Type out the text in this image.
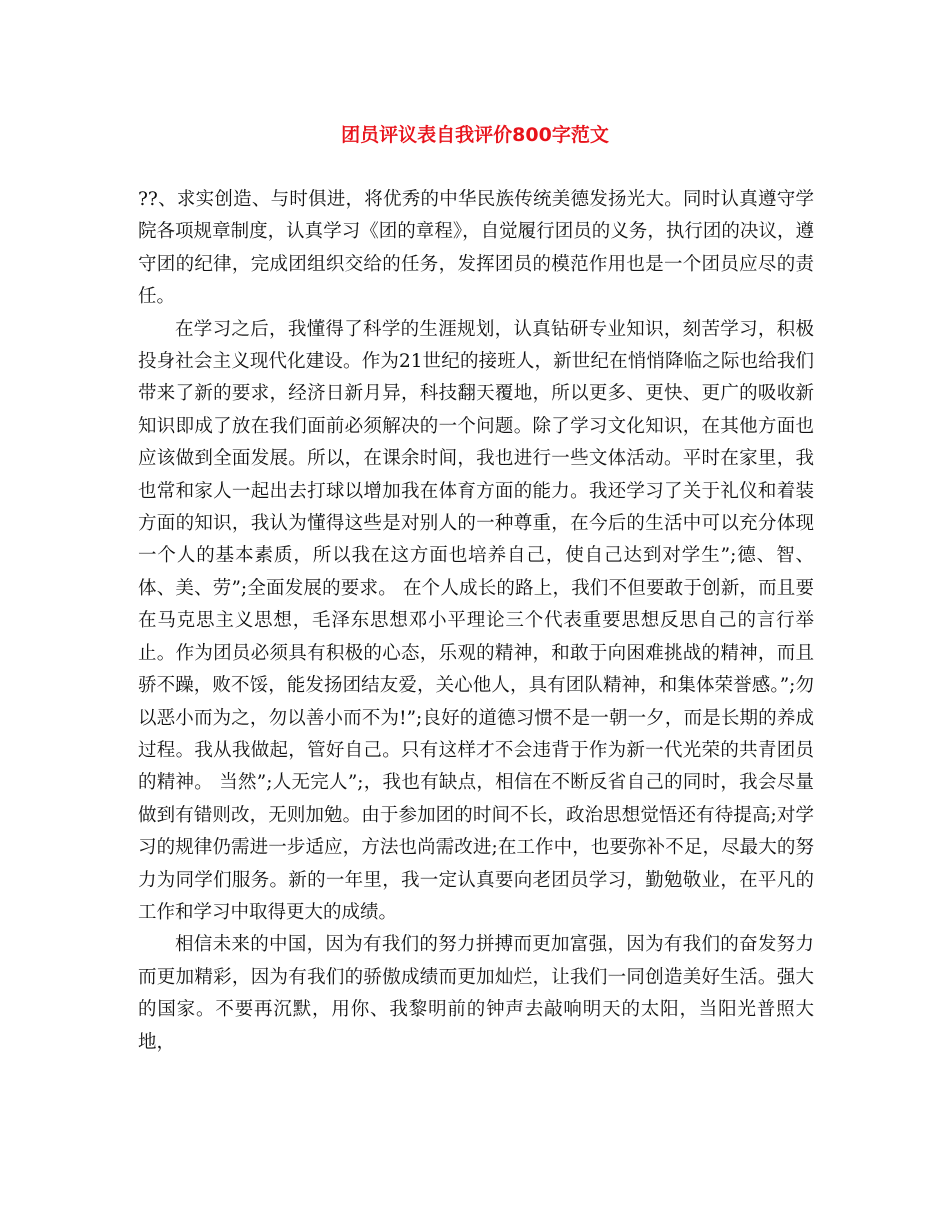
团员评议表自我评价800字范文

??、求实创造、与时俱进，将优秀的中华民族传统美德发扬光大。同时认真遵守学院各项规章制度，认真学习《团的章程》，自觉履行团员的义务，执行团的决议，遵守团的纪律，完成团组织交给的任务，发挥团员的模范作用也是一个团员应尽的责任。

在学习之后，我懂得了科学的生涯规划，认真钻研专业知识，刻苦学习，积极投身社会主义现代化建设。作为21世纪的接班人，新世纪在悄悄降临之际也给我们带来了新的要求，经济日新月异，科技翻天覆地，所以更多、更快、更广的吸收新知识即成了放在我们面前必须解决的一个问题。除了学习文化知识，在其他方面也应该做到全面发展。所以，在课余时间，我也进行一些文体活动。平时在家里，我也常和家人一起出去打球以增加我在体育方面的能力。我还学习了关于礼仪和着装方面的知识，我认为懂得这些是对别人的一种尊重，在今后的生活中可以充分体现一个人的基本素质，所以我在这方面也培养自己，使自己达到对学生”;德、智、体、美、劳”;全面发展的要求。 在个人成长的路上，我们不但要敢于创新，而且要在马克思主义思想，毛泽东思想邓小平理论三个代表重要思想反思自己的言行举止。作为团员必须具有积极的心态，乐观的精神，和敢于向困难挑战的精神，而且骄不躁，败不馁，能发扬团结友爱，关心他人，具有团队精神，和集体荣誉感。”;勿以恶小而为之，勿以善小而不为!”;良好的道德习惯不是一朝一夕，而是长期的养成过程。我从我做起，管好自己。只有这样才不会违背于作为新一代光荣的共青团员的精神。 当然”;人无完人”;，我也有缺点，相信在不断反省自己的同时，我会尽量做到有错则改，无则加勉。由于参加团的时间不长，政治思想觉悟还有待提高;对学习的规律仍需进一步适应，方法也尚需改进;在工作中，也要弥补不足，尽最大的努力为同学们服务。新的一年里，我一定认真要向老团员学习，勤勉敬业，在平凡的工作和学习中取得更大的成绩。

相信未来的中国，因为有我们的努力拼搏而更加富强，因为有我们的奋发努力而更加精彩，因为有我们的骄傲成绩而更加灿烂，让我们一同创造美好生活。强大的国家。不要再沉默，用你、我黎明前的钟声去敲响明天的太阳，当阳光普照大地，
